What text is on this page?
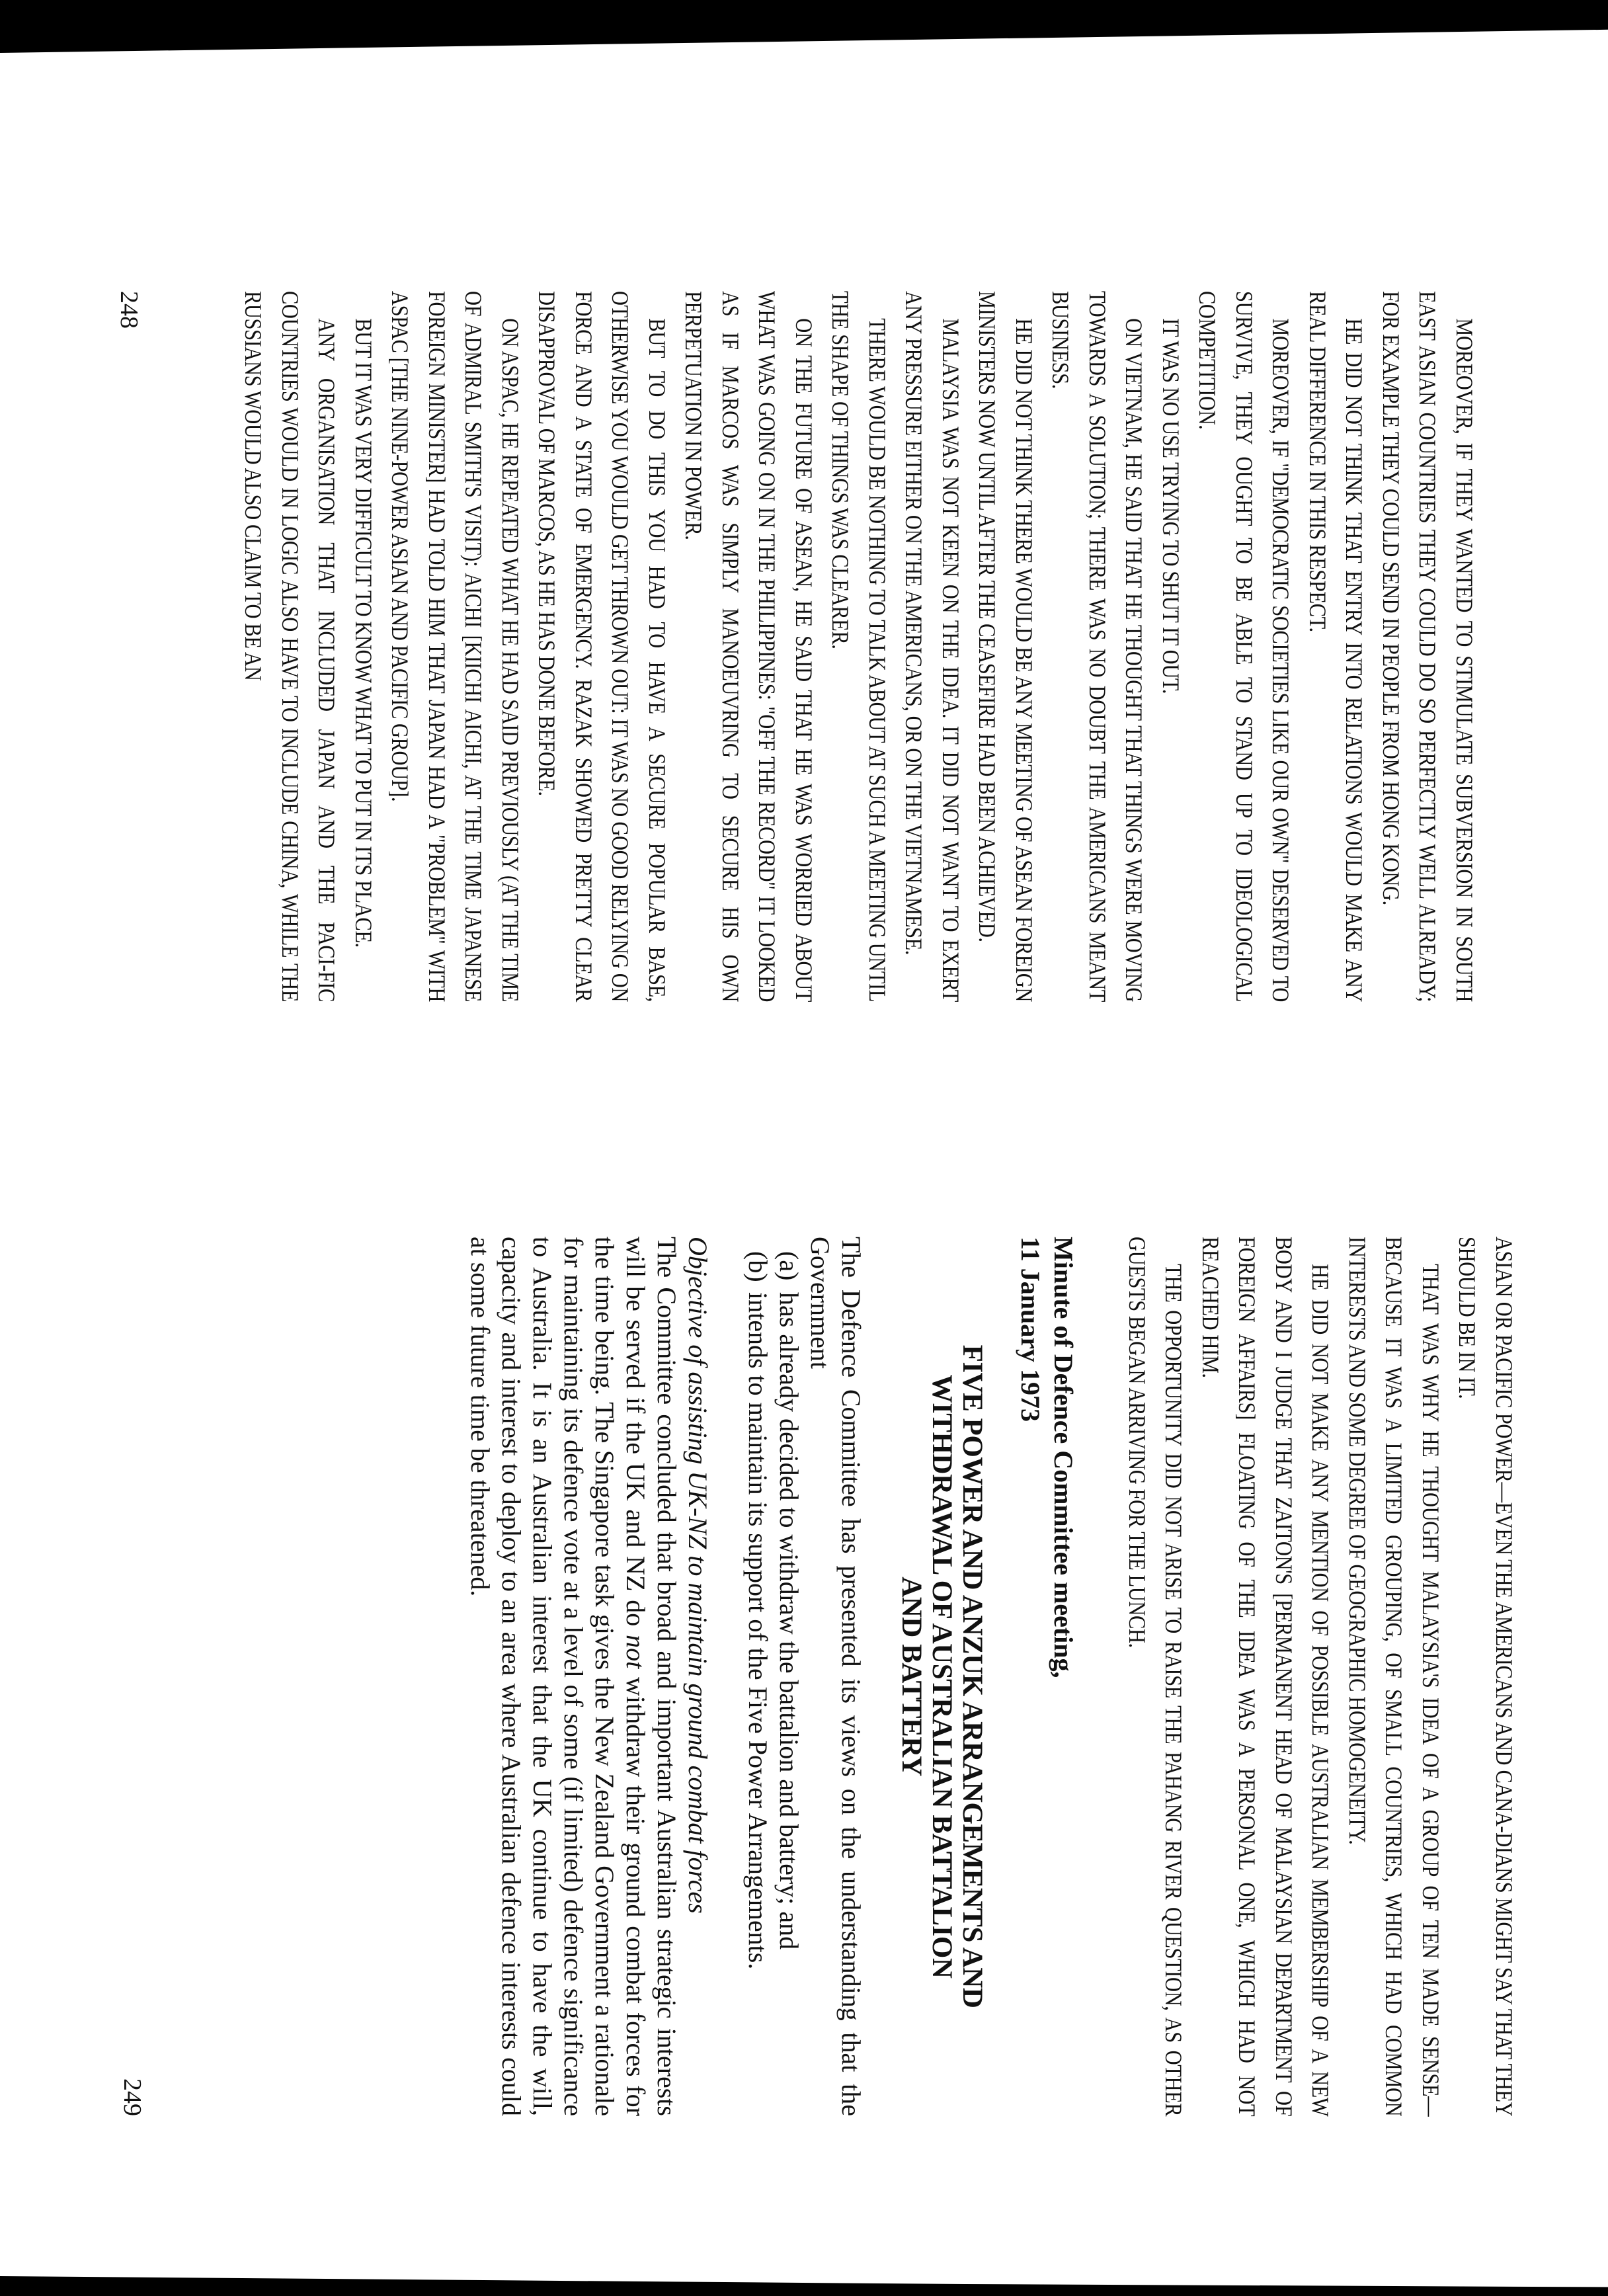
MOREOVER, IF THEY WANTED TO STIMULATE SUBVERSION IN SOUTH EAST ASIAN COUNTRIES THEY COULD DO SO PERFECTLY WELL ALREADY; FOR EXAMPLE THEY COULD SEND IN PEOPLE FROM HONG KONG.

HE DID NOT THINK THAT ENTRY INTO RELATIONS WOULD MAKE ANY REAL DIFFERENCE IN THIS RESPECT.

MOREOVER, IF "DEMOCRATIC SOCIETIES LIKE OUR OWN" DESERVED TO SURVIVE, THEY OUGHT TO BE ABLE TO STAND UP TO IDEOLOGICAL COMPETITION.

IT WAS NO USE TRYING TO SHUT IT OUT.

ON VIETNAM, HE SAID THAT HE THOUGHT THAT THINGS WERE MOVING TOWARDS A SOLUTION; THERE WAS NO DOUBT THE AMERICANS MEANT BUSINESS.

HE DID NOT THINK THERE WOULD BE ANY MEETING OF ASEAN FOREIGN MINISTERS NOW UNTIL AFTER THE CEASEFIRE HAD BEEN ACHIEVED.

MALAYSIA WAS NOT KEEN ON THE IDEA. IT DID NOT WANT TO EXERT ANY PRESSURE EITHER ON THE AMERICANS, OR ON THE VIETNAMESE.

THERE WOULD BE NOTHING TO TALK ABOUT AT SUCH A MEETING UNTIL THE SHAPE OF THINGS WAS CLEARER.

ON THE FUTURE OF ASEAN, HE SAID THAT HE WAS WORRIED ABOUT WHAT WAS GOING ON IN THE PHILIPPINES: "OFF THE RECORD" IT LOOKED AS IF MARCOS WAS SIMPLY MANOEUVRING TO SECURE HIS OWN PERPETUATION IN POWER.

BUT TO DO THIS YOU HAD TO HAVE A SECURE POPULAR BASE, OTHERWISE YOU WOULD GET THROWN OUT: IT WAS NO GOOD RELYING ON FORCE AND A STATE OF EMERGENCY. RAZAK SHOWED PRETTY CLEAR DISAPPROVAL OF MARCOS, AS HE HAS DONE BEFORE.

ON ASPAC, HE REPEATED WHAT HE HAD SAID PREVIOUSLY (AT THE TIME OF ADMIRAL SMITH'S VISIT): AICHI [KIICHI AICHI, AT THE TIME JAPANESE FOREIGN MINISTER] HAD TOLD HIM THAT JAPAN HAD A "PROBLEM" WITH ASPAC [THE NINE-POWER ASIAN AND PACIFIC GROUP].

BUT IT WAS VERY DIFFICULT TO KNOW WHAT TO PUT IN ITS PLACE.

ANY ORGANISATION THAT INCLUDED JAPAN AND THE PACI-FIC COUNTRIES WOULD IN LOGIC ALSO HAVE TO INCLUDE CHINA, WHILE THE RUSSIANS WOULD ALSO CLAIM TO BE AN

248

ASIAN OR PACIFIC POWER—EVEN THE AMERICANS AND CANA-DIANS MIGHT SAY THAT THEY SHOULD BE IN IT.

THAT WAS WHY HE THOUGHT MALAYSIA'S IDEA OF A GROUP OF TEN MADE SENSE—BECAUSE IT WAS A LIMITED GROUPING, OF SMALL COUNTRIES, WHICH HAD COMMON INTERESTS AND SOME DEGREE OF GEOGRAPHIC HOMOGENEITY.

HE DID NOT MAKE ANY MENTION OF POSSIBLE AUSTRALIAN MEMBERSHIP OF A NEW BODY AND I JUDGE THAT ZAITON'S [PERMANENT HEAD OF MALAYSIAN DEPARTMENT OF FOREIGN AFFAIRS] FLOATING OF THE IDEA WAS A PERSONAL ONE, WHICH HAD NOT REACHED HIM.

THE OPPORTUNITY DID NOT ARISE TO RAISE THE PAHANG RIVER QUESTION, AS OTHER GUESTS BEGAN ARRIVING FOR THE LUNCH.

Minute of Defence Committee meeting,
11 January 1973
FIVE POWER AND ANZUK ARRANGEMENTS AND
WITHDRAWAL OF AUSTRALIAN BATTALION
AND BATTERY

The Defence Committee has presented its views on the understanding that the Government

(a)
has already decided to withdraw the battalion and battery; and
(b)
intends to maintain its support of the Five Power Arrangements.

Objective of assisting UK-NZ to maintain ground combat forces

The Committee concluded that broad and important Australian strategic interests will be served if the UK and NZ do not withdraw their ground combat forces for the time being. The Singapore task gives the New Zealand Government a rationale for maintaining its defence vote at a level of some (if limited) defence significance to Australia. It is an Australian interest that the UK continue to have the will, capacity and interest to deploy to an area where Australian defence interests could at some future time be threatened.

249
